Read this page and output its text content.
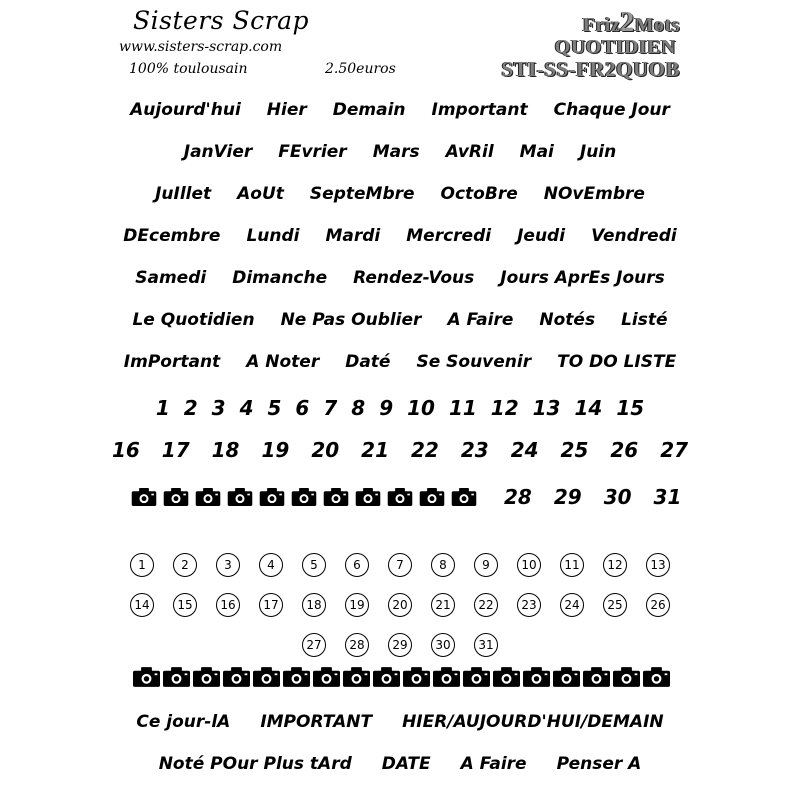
Sisters Scrap
www.sisters-scrap.com
100% toulousain	2.50euros
Friz2Mots
QUOTIDIEN
STI-SS-FR2QUOB
Aujourd'hui Hier Demain Important Chaque Jour
JanVier FEvrier Mars AvRil Mai Juin
JuIllet AoUt SeptеMbre OctoBre NOvEmbre
DEcembre Lundi Mardi Mercredi Jeudi Vendredi
Samedi Dimanche Rendez-Vous Jours AprEs Jours
Le Quotidien Ne Pas Oublier A Faire Notés Listé
ImPortant A Noter Daté Se Souvenir TO DO LISTE
1 2 3 4 5 6 7 8 9 10 11 12 13 14 15
16 17 18 19 20 21 22 23 24 25 26 27
28 29 30 31
1	2	3	4	5	6	7	8	9	10	11	12	13
14	15	16	17	18	19	20	21	22	23	24	25	26
27	28	29	30	31
Ce jour-lA IMPORTANT HIER/AUJOURD'HUI/DEMAIN
Noté POur Plus tArd DATE A Faire Penser A
